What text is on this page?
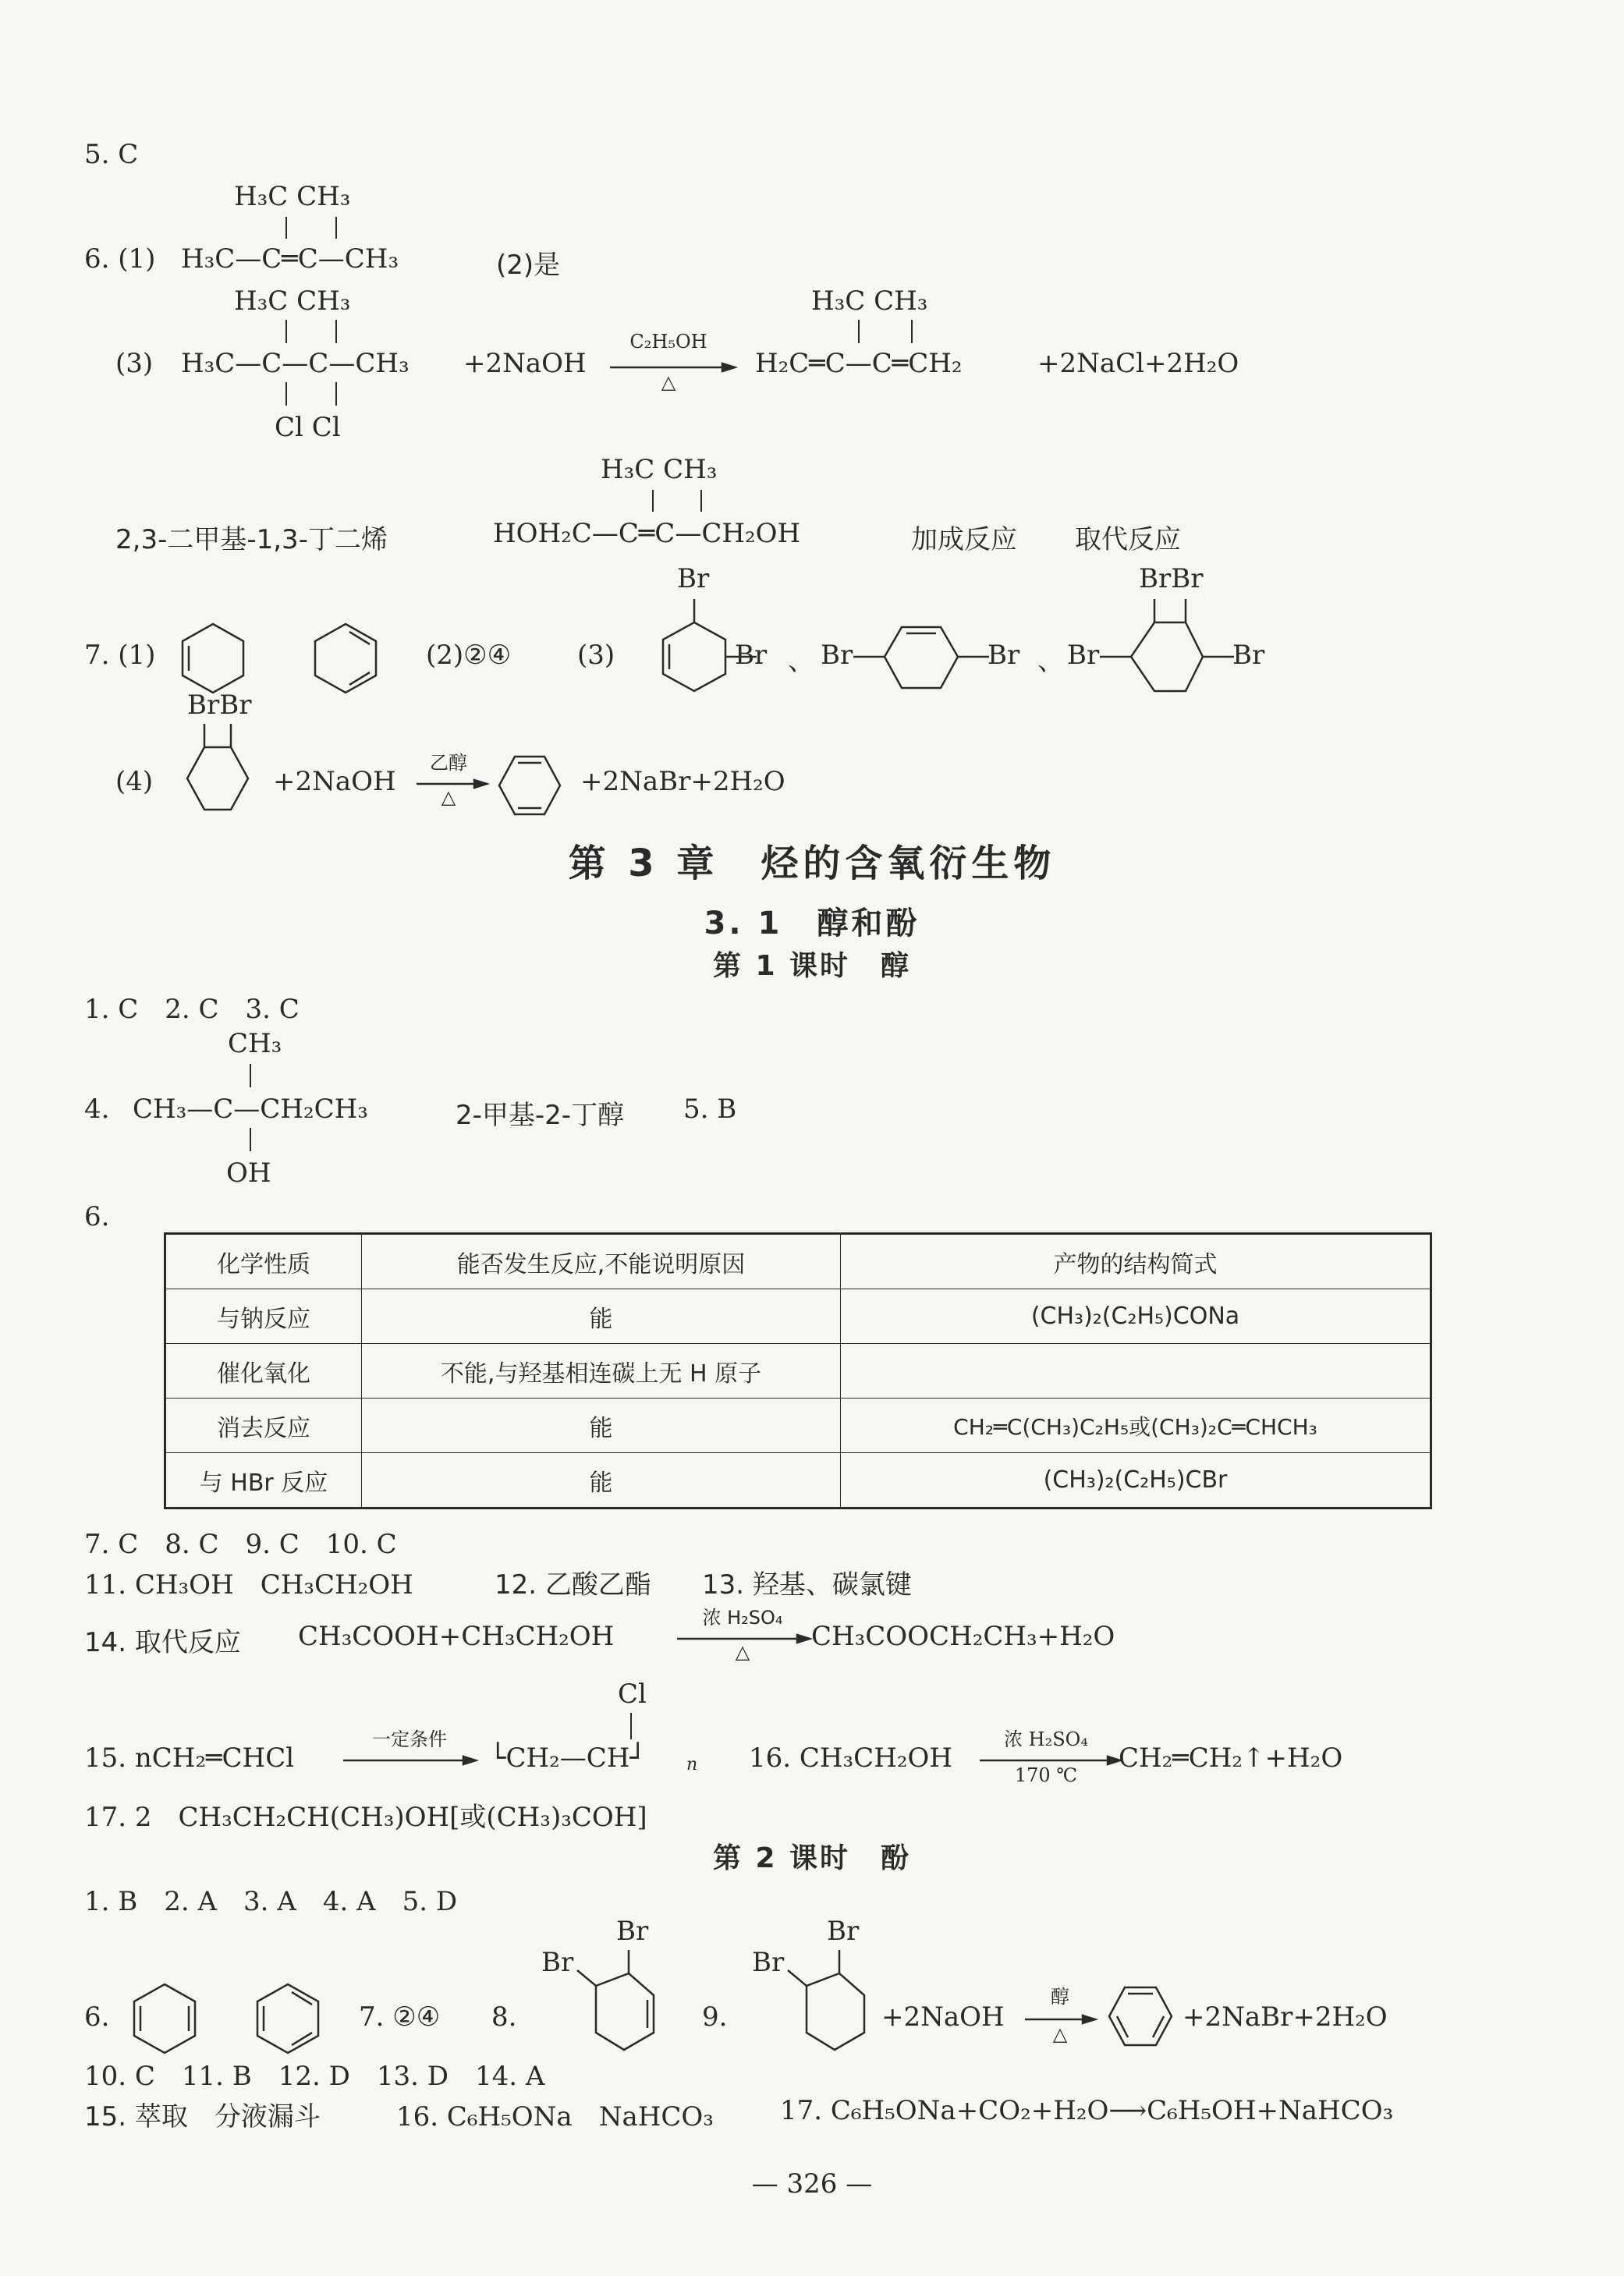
5. C
H₃C CH₃
6. (1) H₃C—C═C—CH₃	(2)是
H₃C CH₃
(3) H₃C—C—C—CH₃
Cl Cl
+2NaOH
C₂H₅OH
△
H₃C CH₃
H₂C═C—C═CH₂	+2NaCl+2H₂O
H₃C CH₃
2,3-二甲基-1,3-丁二烯	HOH₂C—C═C—CH₂OH	加成反应 取代反应
7. (1)	(2)②④ (3)
Br
Br 、 Br	Br 、 Br
BrBr
Br
BrBr
(4)	+2NaOH
乙醇
△	+2NaBr+2H₂O
第 3 章　烃的含氧衍生物
3. 1　醇和酚
第 1 课时　醇
1. C　2. C　3. C
CH₃
4. CH₃—C—CH₂CH₃
OH
2-甲基-2-丁醇 5. B
6.
化学性质	能否发生反应,不能说明原因	产物的结构简式
与钠反应	能	(CH₃)₂(C₂H₅)CONa
催化氧化	不能,与羟基相连碳上无 H 原子	
消去反应	能	CH₂═C(CH₃)C₂H₅或(CH₃)₂C═CHCH₃
与 HBr 反应	能	(CH₃)₂(C₂H₅)CBr
7. C　8. C　9. C　10. C
11. CH₃OH　CH₃CH₂OH	12. 乙酸乙酯 13. 羟基、碳氯键
14. 取代反应 CH₃COOH+CH₃CH₂OH
浓 H₂SO₄
△	CH₃COOCH₂CH₃+H₂O
Cl
15. nCH₂═CHCl
一定条件
└CH₂—CH┘ n 16. CH₃CH₂OH
浓 H₂SO₄
170 ℃
CH₂═CH₂↑+H₂O
17. 2　CH₃CH₂CH(CH₃)OH[或(CH₃)₃COH]
第 2 课时　酚
1. B　2. A　3. A　4. A　5. D
6.	7. ②④ 8.
Br
Br
9.
Br
Br
+2NaOH
醇
△
+2NaBr+2H₂O
10. C　11. B　12. D　13. D　14. A
15. 萃取　分液漏斗	16. C₆H₅ONa　NaHCO₃	17. C₆H₅ONa+CO₂+H₂O⟶C₆H₅OH+NaHCO₃
— 326 —
